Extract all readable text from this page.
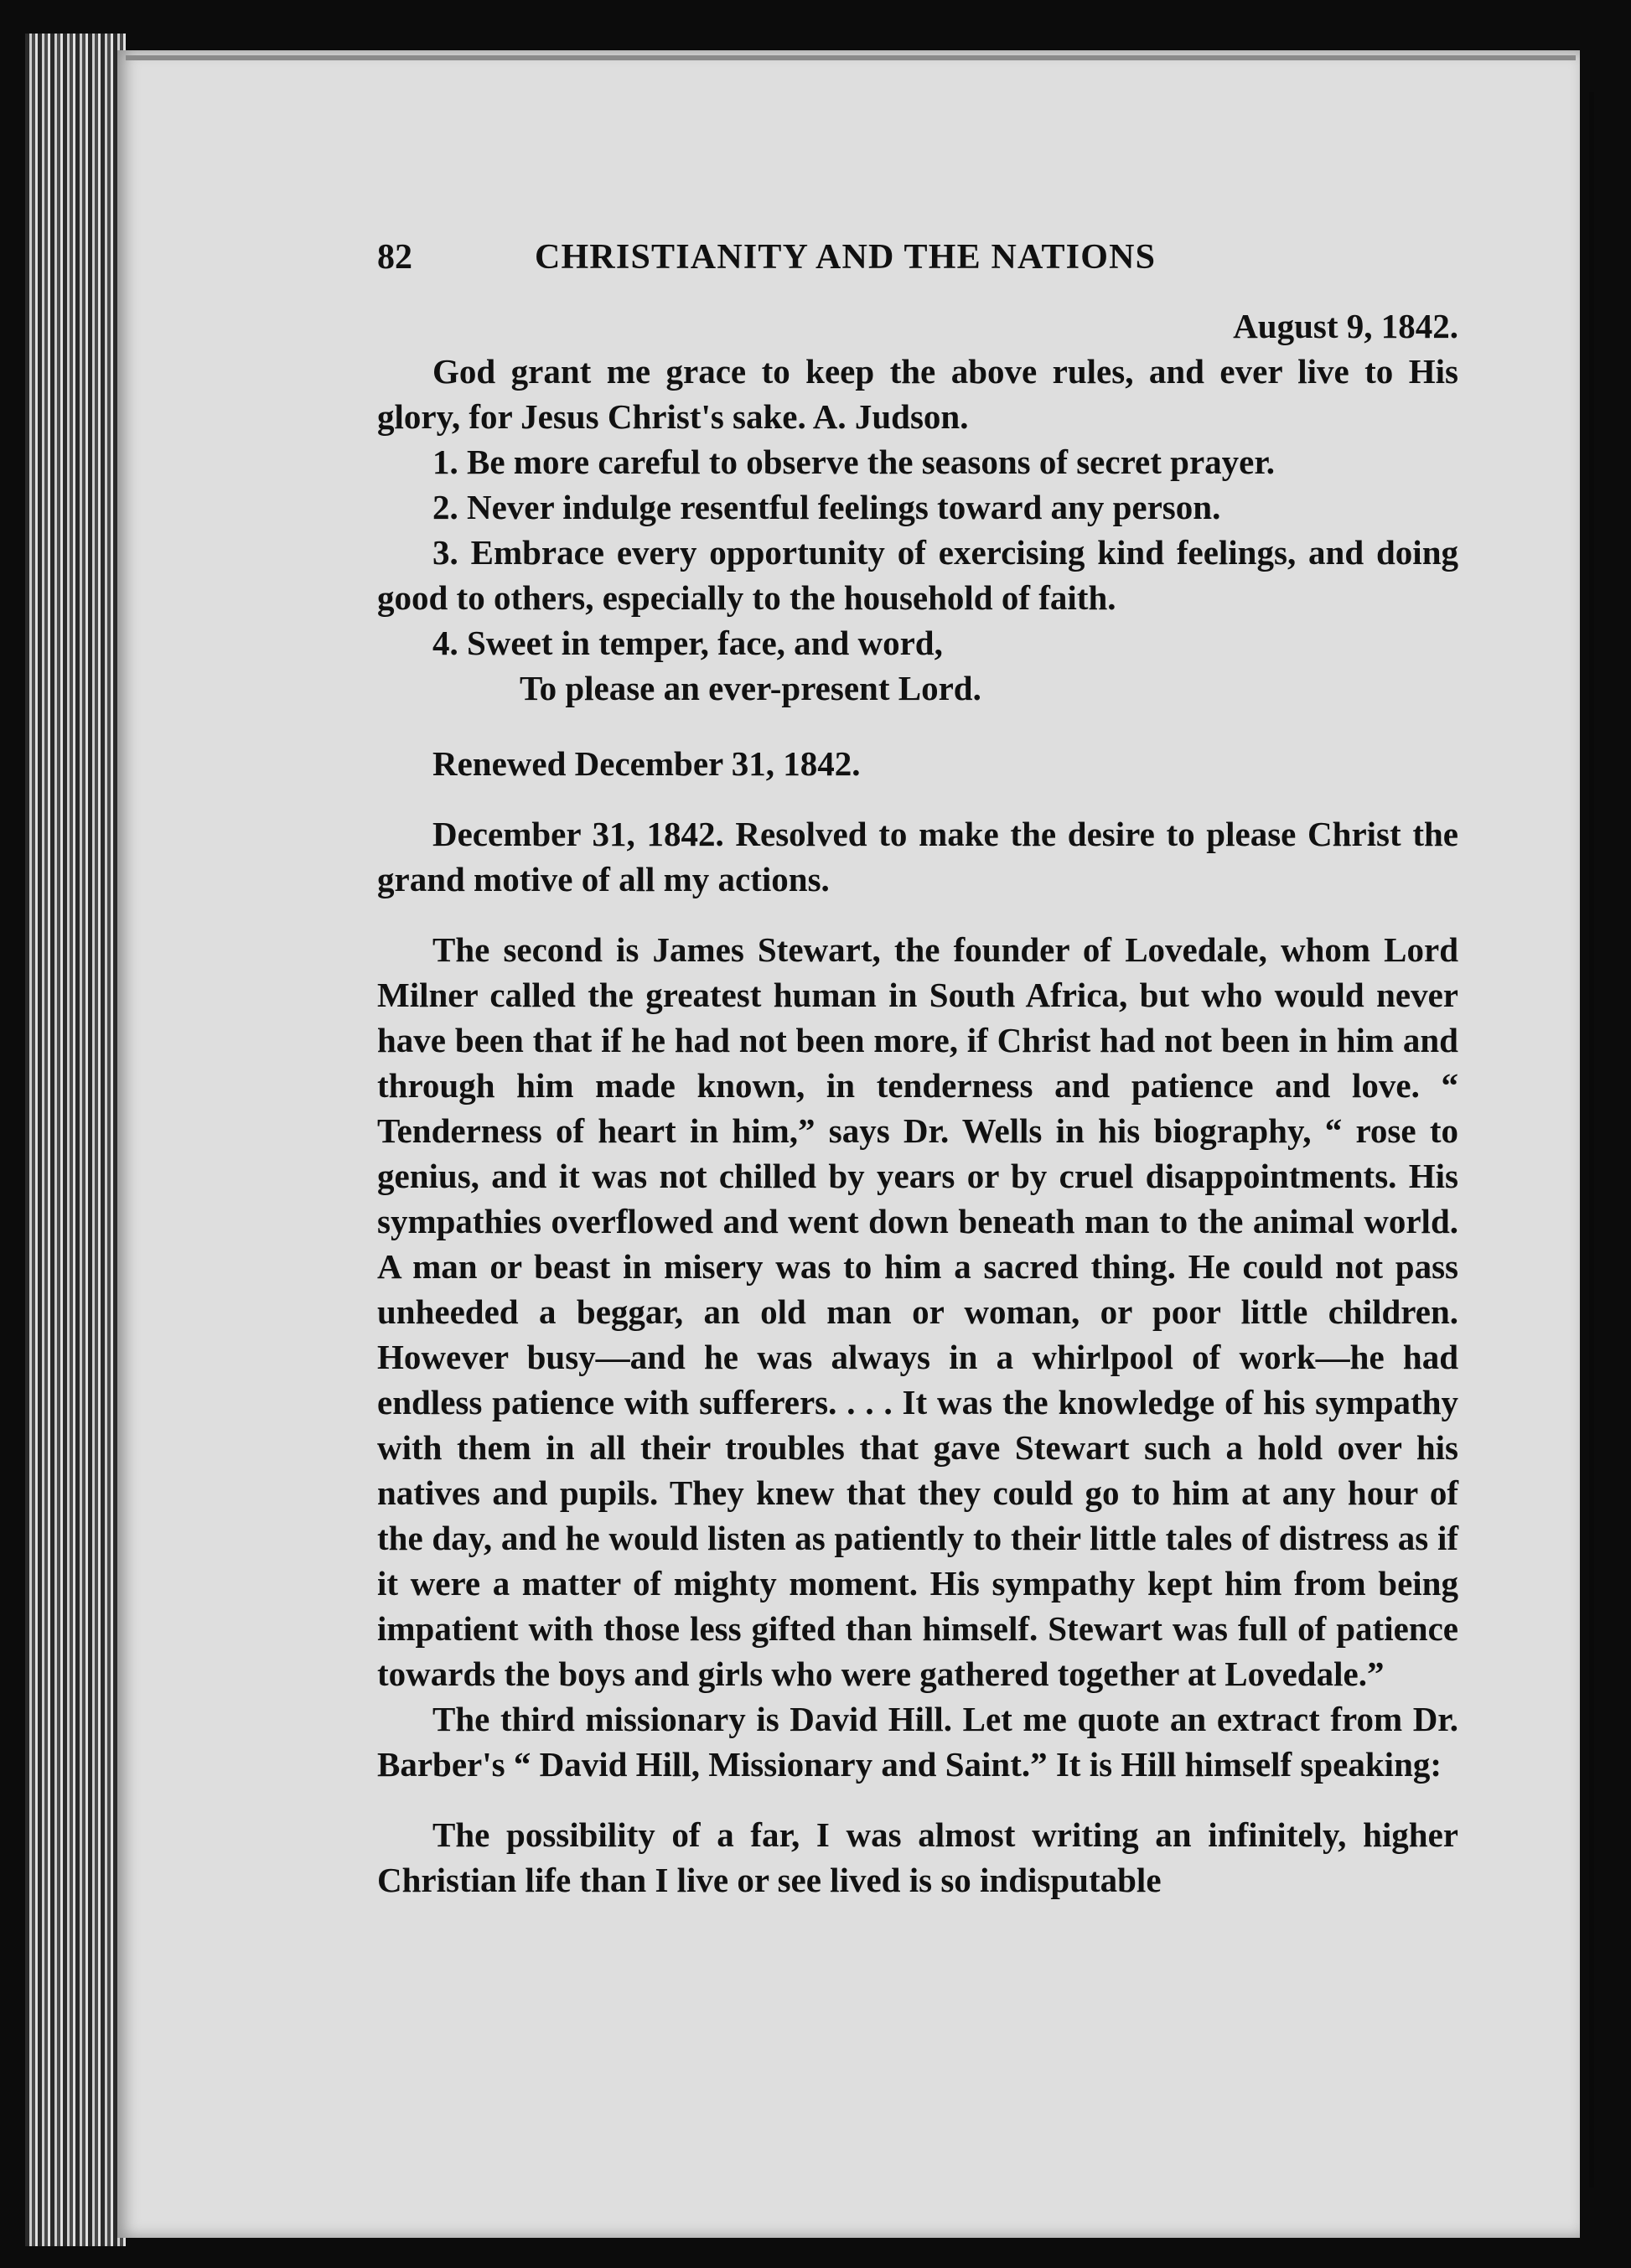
82	CHRISTIANITY AND THE NATIONS

August 9, 1842.

God grant me grace to keep the above rules, and ever live to His glory, for Jesus Christ's sake. A. Judson.

1. Be more careful to observe the seasons of secret prayer.

2. Never indulge resentful feelings toward any person.

3. Embrace every opportunity of exercising kind feelings, and doing good to others, especially to the household of faith.

4. Sweet in temper, face, and word,

To please an ever-present Lord.

Renewed December 31, 1842.

December 31, 1842. Resolved to make the desire to please Christ the grand motive of all my actions.

The second is James Stewart, the founder of Lovedale, whom Lord Milner called the greatest human in South Africa, but who would never have been that if he had not been more, if Christ had not been in him and through him made known, in tenderness and patience and love. “ Tenderness of heart in him,” says Dr. Wells in his biography, “ rose to genius, and it was not chilled by years or by cruel disappointments. His sympathies overflowed and went down beneath man to the animal world. A man or beast in misery was to him a sacred thing. He could not pass unheeded a beggar, an old man or woman, or poor little children. However busy—and he was always in a whirlpool of work—he had endless patience with sufferers. . . . It was the knowledge of his sympathy with them in all their troubles that gave Stewart such a hold over his natives and pupils. They knew that they could go to him at any hour of the day, and he would listen as patiently to their little tales of distress as if it were a matter of mighty moment. His sympathy kept him from being impatient with those less gifted than himself. Stewart was full of patience towards the boys and girls who were gathered together at Lovedale.”

The third missionary is David Hill. Let me quote an extract from Dr. Barber's “ David Hill, Missionary and Saint.” It is Hill himself speaking:

The possibility of a far, I was almost writing an infinitely, higher Christian life than I live or see lived is so indisputable
